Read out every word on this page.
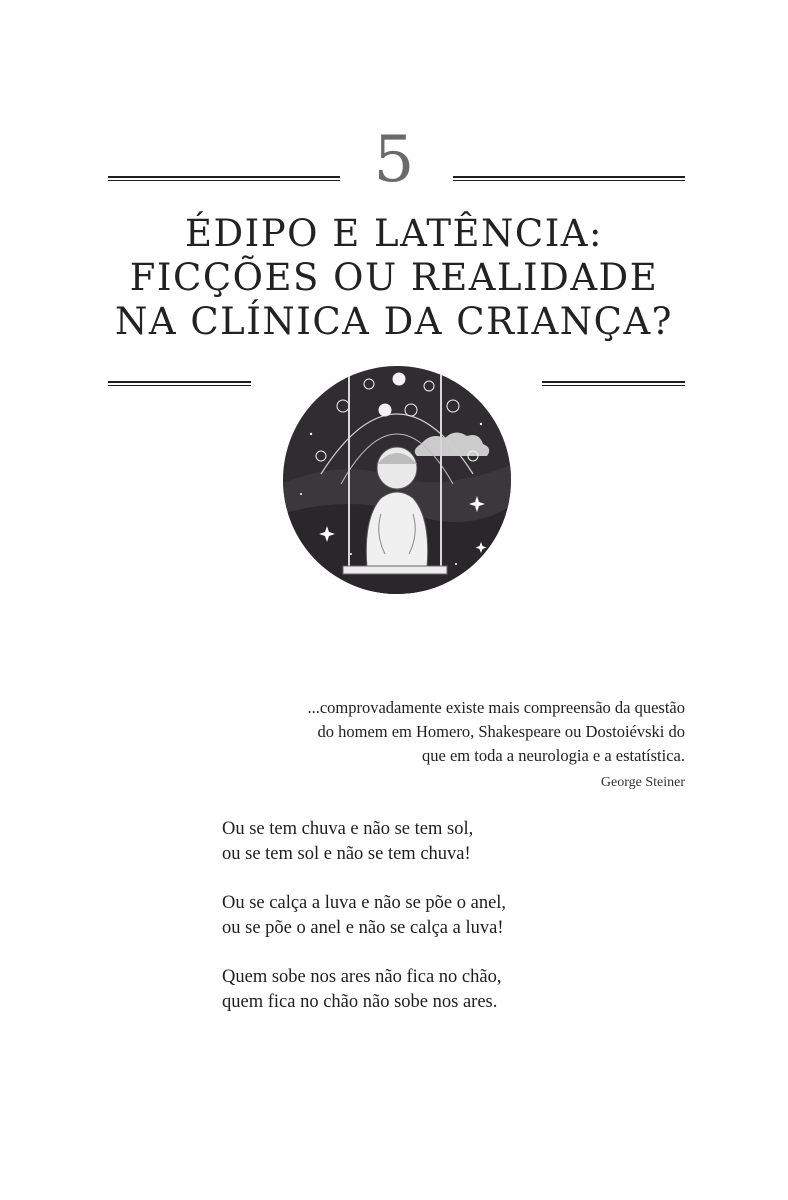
5
ÉDIPO E LATÊNCIA:
FICÇÕES OU REALIDADE
NA CLÍNICA DA CRIANÇA?
...comprovadamente existe mais compreensão da questão
do homem em Homero, Shakespeare ou Dostoiévski do
que em toda a neurologia e a estatística.
George Steiner
Ou se tem chuva e não se tem sol,
ou se tem sol e não se tem chuva!
Ou se calça a luva e não se põe o anel,
ou se põe o anel e não se calça a luva!
Quem sobe nos ares não fica no chão,
quem fica no chão não sobe nos ares.
